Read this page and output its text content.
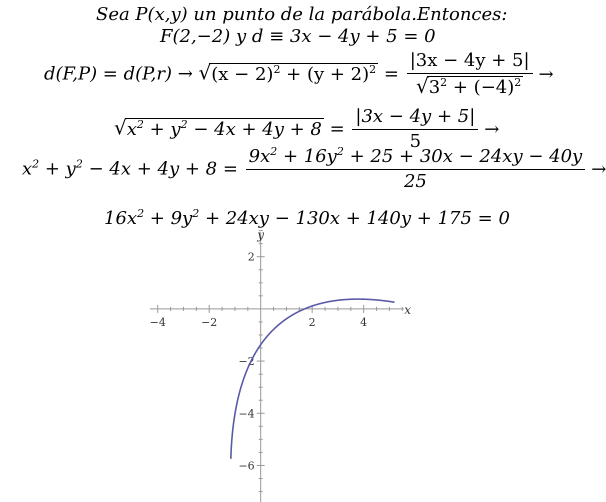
Sea P(x,y) un punto de la parábola.Entonces:
F(2,−2) y d ≡ 3x − 4y + 5 = 0
$d(F,P) = d(P,r) \to √(x - 2)^2 + (y + 2)^2 = \frac{|3x - 4y + 5|}{√3^2 + (-4)^2}$ →
$√x^2 + y^2 - 4x + 4y + 8 = \frac{|3x - 4y + 5|}{5}$ →
$x^2 + y^2 - 4x + 4y + 8 = \frac{9x^2 + 16y^2 + 25 + 30x - 24xy - 40y}{25}$ →
$16x^2 + 9y^2 + 24xy - 130x + 140y + 175 = 0$
−4	−2	2	4
2
−2
−4
−6
x
y
